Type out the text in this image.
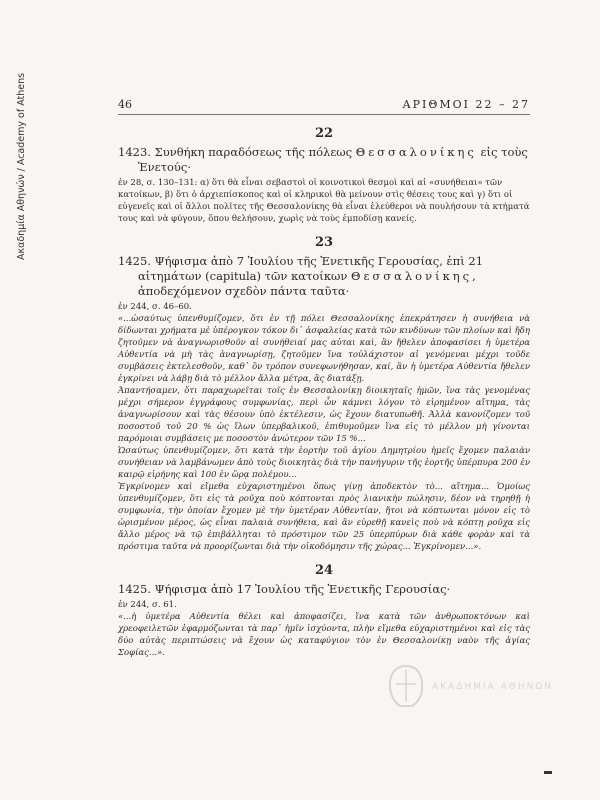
Ακαδημία Αθηνών / Academy of Athens	46	ΑΡΙΘΜΟΙ 22 – 27
22

1423. Συνθήκη παραδόσεως τῆς πόλεως Θεσσαλονίκης εἰς τοὺς Ἑνετούς·

ἐν 28, σ. 130–131: α) ὅτι θὰ εἶναι σεβαστοὶ οἱ κοινοτικοὶ θεσμοὶ καὶ αἱ «συνήθειαι» τῶν κατοίκων, β) ὅτι ὁ ἀρχιεπίσκοπος καὶ οἱ κληρικοὶ θὰ μείνουν στὶς θέσεις τους καὶ γ) ὅτι οἱ εὐγενεῖς καὶ οἱ ἄλλοι πολῖτες τῆς Θεσσαλονίκης θὰ εἶναι ἐλεύθεροι νὰ πουλήσουν τὰ κτήματά τους καὶ νὰ φύγουν, ὅπου θελήσουν, χωρὶς νὰ τοὺς ἐμποδίσῃ κανείς.

23

1425. Ψήφισμα ἀπὸ 7 Ἰουλίου τῆς Ἑνετικῆς Γερουσίας, ἐπὶ 21 αἰτημάτων (capitula) τῶν κατοίκων Θεσσαλονίκης, ἀποδεχόμενον σχεδὸν πάντα ταῦτα·

ἐν 244, σ. 46–60.

«...ὡσαύτως ὑπενθυμίζομεν, ὅτι ἐν τῇ πόλει Θεσσαλονίκης ἐπεκράτησεν ἡ συνήθεια νὰ δίδωνται χρήματα μὲ ὑπέρογκον τόκον δι᾽ ἀσφαλείας κατὰ τῶν κινδύνων τῶν πλοίων καὶ ἤδη ζητοῦμεν νὰ ἀναγνωρισθοῦν αἱ συνήθειαί μας αὐται καὶ, ἂν ἤθελεν ἀποφασίσει ἡ ὑμετέρα Αὐθεντία νὰ μὴ τὰς ἀναγνωρίσῃ, ζητοῦμεν ἵνα τοὐλάχιστον αἱ γενόμεναι μέχρι τοῦδε συμβάσεις ἐκτελεσθοῦν, καθ᾽ ὃν τρόπον συνεφωνήθησαν, καί, ἂν ἡ ὑμετέρα Αὐθεντία ἤθελεν ἐγκρίνει νὰ λάβῃ διὰ τὸ μέλλον ἄλλα μέτρα, ἂς διατάξῃ.

Ἀπαντήσαμεν, ὅτι παραχωρεῖται τοῖς ἐν Θεσσαλονίκῃ διοικηταῖς ἡμῶν, ἵνα τὰς γενομένας μέχρι σήμερον ἐγγράφους συμφωνίας, περὶ ὧν κάμνει λόγον τὸ εἰρημένον αἴτημα, τὰς ἀναγνωρίσουν καὶ τὰς θέσουν ὑπὸ ἐκτέλεσιν, ὡς ἔχουν διατυπωθῆ. Ἀλλὰ κανονίζομεν τοῦ ποσοστοῦ τοῦ 20 % ὡς ἴλων ὑπερβαλικοῦ, ἐπιθυμοῦμεν ἵνα εἰς τὸ μέλλον μὴ γίνονται παρόμοιαι συμβάσεις με ποσοστὸν ἀνώτερον τῶν 15 %...

Ὡσαύτως ὑπενθυμίζομεν, ὅτι κατὰ τὴν ἑορτὴν τοῦ ἁγίου Δημητρίου ἡμεῖς ἔχομεν παλαιὰν συνήθειαν νὰ λαμβάνωμεν ἀπὸ τοὺς διοικητὰς διὰ τὴν πανήγυριν τῆς ἑορτῆς ὑπέρπυρα 200 ἐν καιρῷ εἰρήνης καὶ 100 ἐν ὥρᾳ πολέμου...

Ἐγκρίνομεν καὶ εἴμεθα εὐχαριστημένοι ὅπως γίνῃ ἀποδεκτὸν τὸ... αἴτημα... Ὁμοίως ὑπενθυμίζομεν, ὅτι εἰς τὰ ροῦχα ποὺ κόπτονται πρὸς λιανικὴν πώλησιν, δέον νὰ τηρηθῇ ἡ συμφωνία, τὴν ὁποίαν ἔχομεν μὲ τὴν ὑμετέραν Αὐθεντίαν, ἤτοι νὰ κόπτωνται μόνον εἰς τὸ ὡρισμένον μέρος, ὡς εἶναι παλαιὰ συνήθεια, καὶ ἂν εὑρεθῇ κανεὶς ποὺ νὰ κόπτῃ ροῦχα εἰς ἄλλο μέρος νὰ τῷ ἐπιβάλληται τὸ πρόστιμον τῶν 25 ὑπερπύρων διὰ κάθε φορὰν καὶ τὰ πρόστιμα ταῦτα νὰ προορίζωνται διὰ τὴν οἰκοδόμησιν τῆς χώρας... Ἐγκρίνομεν...».

24

1425. Ψήφισμα ἀπὸ 17 Ἰουλίου τῆς Ἑνετικῆς Γερουσίας·

ἐν 244, σ. 61.

«...ἡ ὑμετέρα Αὐθεντία θέλει καὶ ἀποφασίζει, ἵνα κατὰ τῶν ἀνθρωποκτόνων καὶ χρεοφειλετῶν ἐφαρμόζωνται τὰ παρ᾽ ἡμῖν ἰσχύοντα, πλὴν εἴμεθα εὐχαριστημένοι καὶ εἰς τὰς δύο αὐτὰς περιπτώσεις νὰ ἔχουν ὡς καταφύγιον τὸν ἐν Θεσσαλονίκῃ ναὸν τῆς ἁγίας Σοφίας...».

ΑΚΑΔΗΜΙΑ ΑΘΗΝΩΝ
